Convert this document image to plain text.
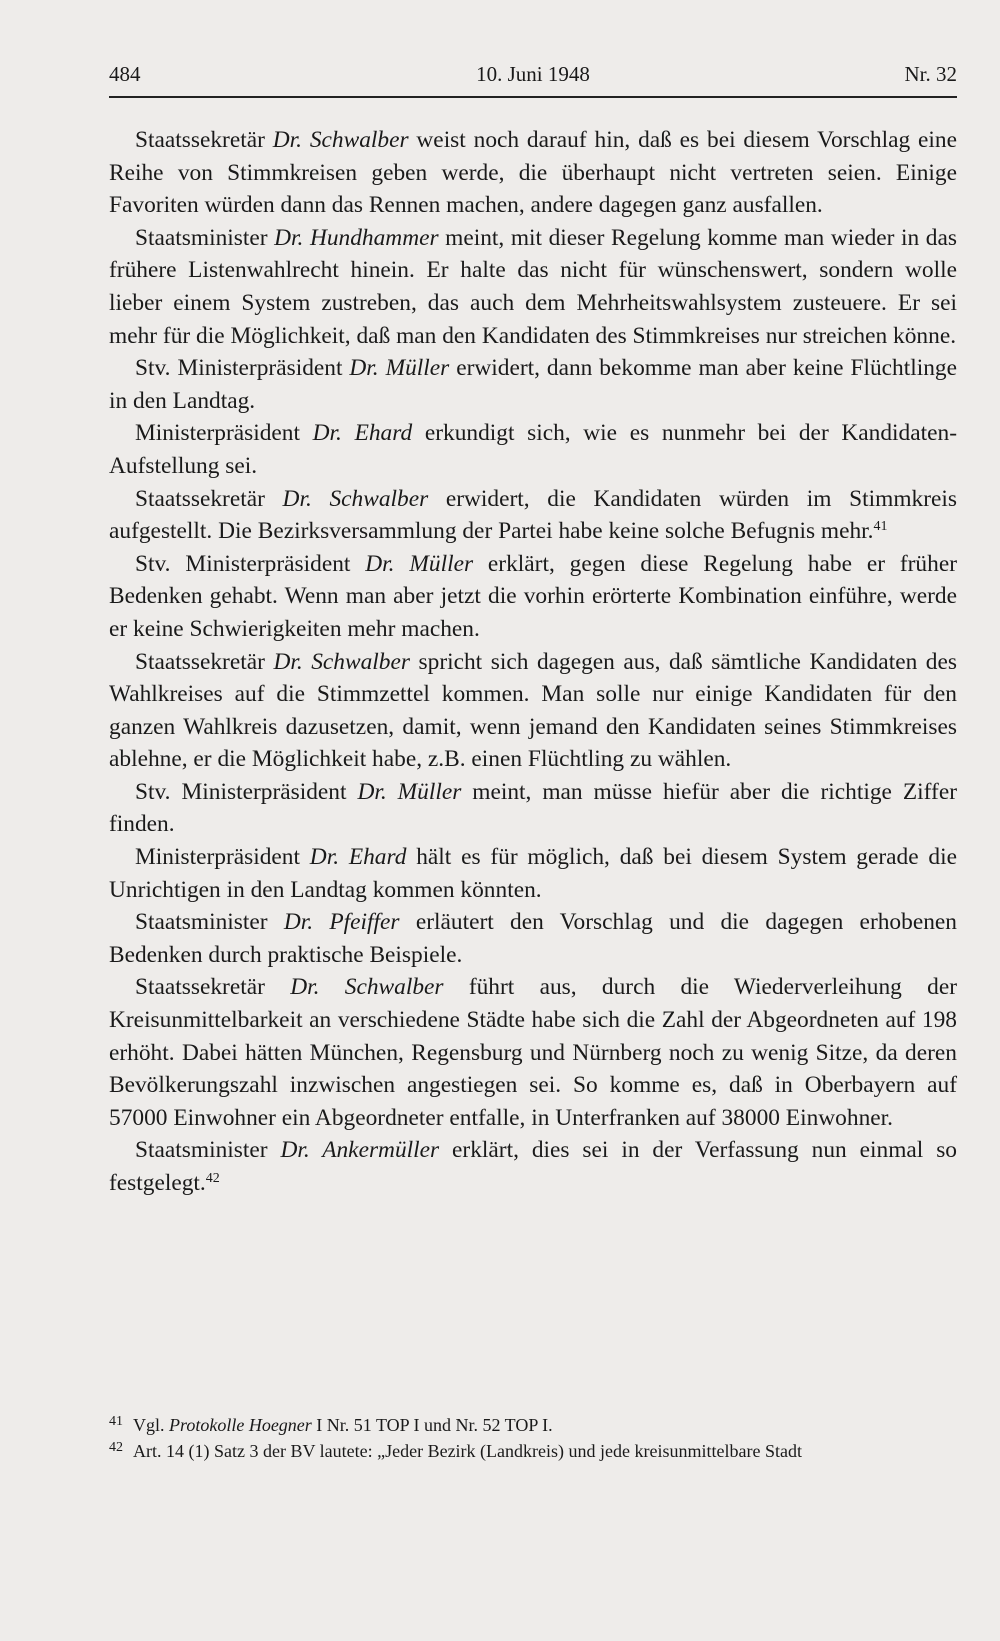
484	10. Juni 1948	Nr. 32

Staatssekretär Dr. Schwalber weist noch darauf hin, daß es bei diesem Vorschlag eine Reihe von Stimmkreisen geben werde, die überhaupt nicht vertreten seien. Einige Favoriten würden dann das Rennen machen, andere dagegen ganz ausfallen.

Staatsminister Dr. Hundhammer meint, mit dieser Regelung komme man wieder in das frühere Listenwahlrecht hinein. Er halte das nicht für wünschenswert, sondern wolle lieber einem System zustreben, das auch dem Mehrheitswahlsystem zusteuere. Er sei mehr für die Möglichkeit, daß man den Kandidaten des Stimmkreises nur streichen könne.

Stv. Ministerpräsident Dr. Müller erwidert, dann bekomme man aber keine Flüchtlinge in den Landtag.

Ministerpräsident Dr. Ehard erkundigt sich, wie es nunmehr bei der Kandidaten-Aufstellung sei.

Staatssekretär Dr. Schwalber erwidert, die Kandidaten würden im Stimmkreis aufgestellt. Die Bezirksversammlung der Partei habe keine solche Befugnis mehr.$^{41}$

Stv. Ministerpräsident Dr. Müller erklärt, gegen diese Regelung habe er früher Bedenken gehabt. Wenn man aber jetzt die vorhin erörterte Kombination einführe, werde er keine Schwierigkeiten mehr machen.

Staatssekretär Dr. Schwalber spricht sich dagegen aus, daß sämtliche Kandidaten des Wahlkreises auf die Stimmzettel kommen. Man solle nur einige Kandidaten für den ganzen Wahlkreis dazusetzen, damit, wenn jemand den Kandidaten seines Stimmkreises ablehne, er die Möglichkeit habe, z.B. einen Flüchtling zu wählen.

Stv. Ministerpräsident Dr. Müller meint, man müsse hiefür aber die richtige Ziffer finden.

Ministerpräsident Dr. Ehard hält es für möglich, daß bei diesem System gerade die Unrichtigen in den Landtag kommen könnten.

Staatsminister Dr. Pfeiffer erläutert den Vorschlag und die dagegen erhobenen Bedenken durch praktische Beispiele.

Staatssekretär Dr. Schwalber führt aus, durch die Wiederverleihung der Kreisunmittelbarkeit an verschiedene Städte habe sich die Zahl der Abgeordneten auf 198 erhöht. Dabei hätten München, Regensburg und Nürnberg noch zu wenig Sitze, da deren Bevölkerungszahl inzwischen angestiegen sei. So komme es, daß in Oberbayern auf 57000 Einwohner ein Abgeordneter entfalle, in Unterfranken auf 38000 Einwohner.

Staatsminister Dr. Ankermüller erklärt, dies sei in der Verfassung nun einmal so festgelegt.$^{42}$

$^{41}$ Vgl. Protokolle Hoegner I Nr. 51 TOP I und Nr. 52 TOP I.
$^{42}$ Art. 14 (1) Satz 3 der BV lautete: „Jeder Bezirk (Landkreis) und jede kreisunmittelbare Stadt
